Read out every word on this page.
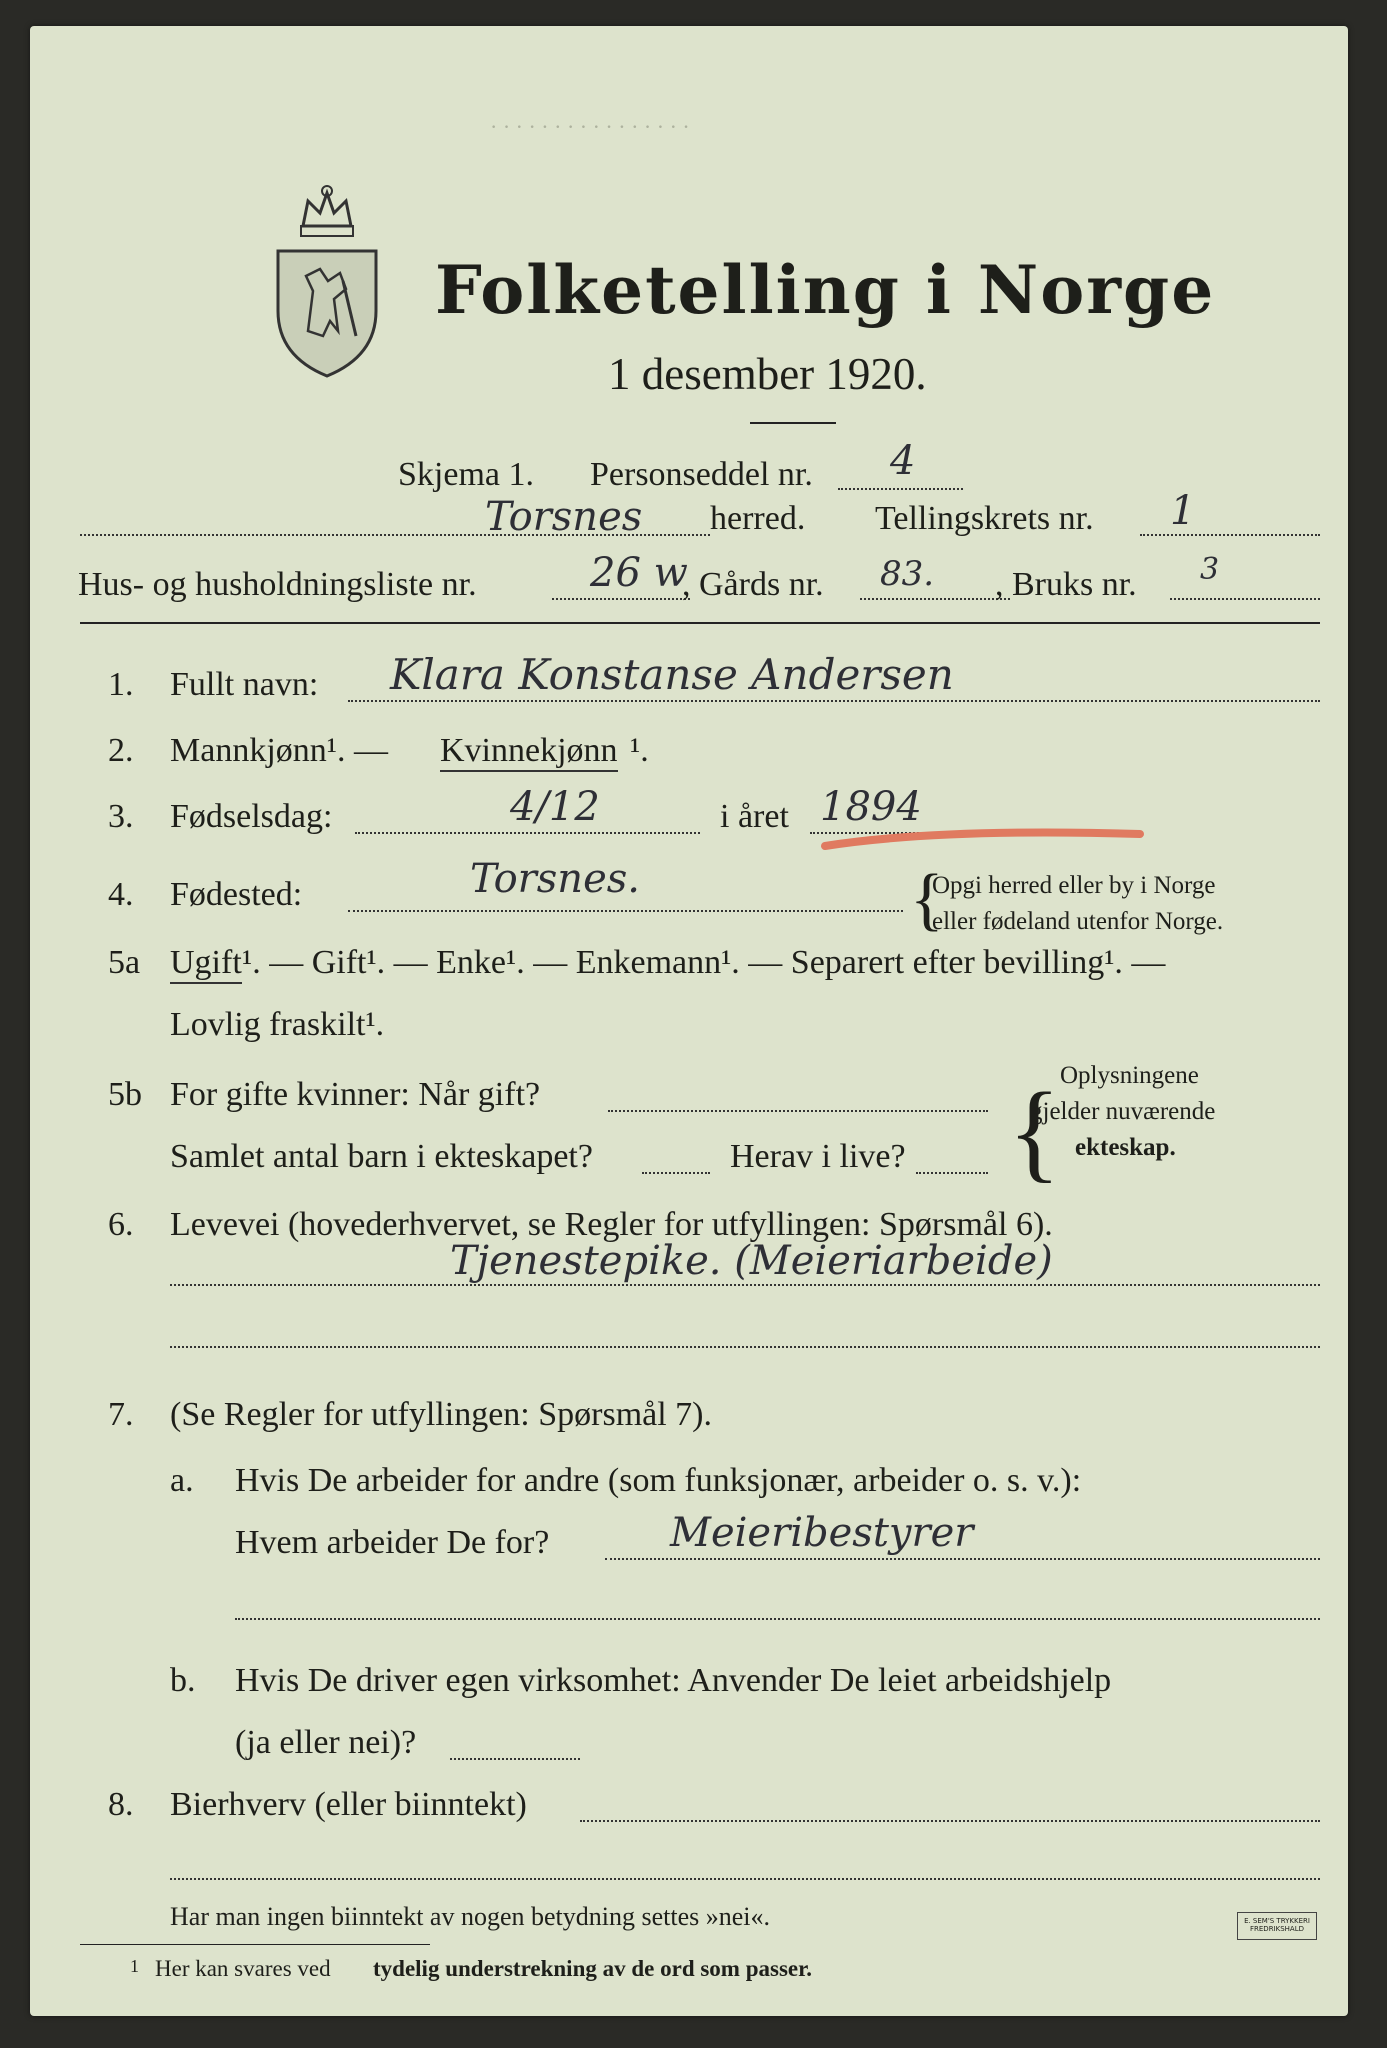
· · · · · · · · · · · · · · · ·
Folketelling i Norge
1 desember 1920.
Skjema 1. Personseddel nr. 4
Torsnes herred. Tellingskrets nr. 1
Hus- og husholdningsliste nr.	26 w
, Gårds nr. 83. , Bruks nr. 3
1. Fullt navn: Klara Konstanse Andersen
2. Mannkjønn¹. — Kvinnekjønn ¹.
3. Fødselsdag:	4/12	i året 1894
4. Fødested:	Torsnes.	{
Opgi herred eller by i Norge
eller fødeland utenfor Norge.
5a Ugift ¹. — Gift¹. — Enke¹. — Enkemann¹. — Separert efter bevilling¹. —
Lovlig fraskilt¹.
5b For gifte kvinner: Når gift?
Samlet antal barn i ekteskapet?	Herav i live? { Oplysningene
gjelder nuværende
ekteskap.
6. Levevei (hovederhvervet, se Regler for utfyllingen: Spørsmål 6).
Tjenestepike. (Meieriarbeide)
7. (Se Regler for utfyllingen: Spørsmål 7).
a. Hvis De arbeider for andre (som funksjonær, arbeider o. s. v.):
Hvem arbeider De for?	Meieribestyrer
b. Hvis De driver egen virksomhet: Anvender De leiet arbeidshjelp
(ja eller nei)?
8. Bierhverv (eller biinntekt)
Har man ingen biinntekt av nogen betydning settes »nei«.
1 Her kan svares ved tydelig understrekning av de ord som passer.
E. SEM'S TRYKKERI
FREDRIKSHALD
